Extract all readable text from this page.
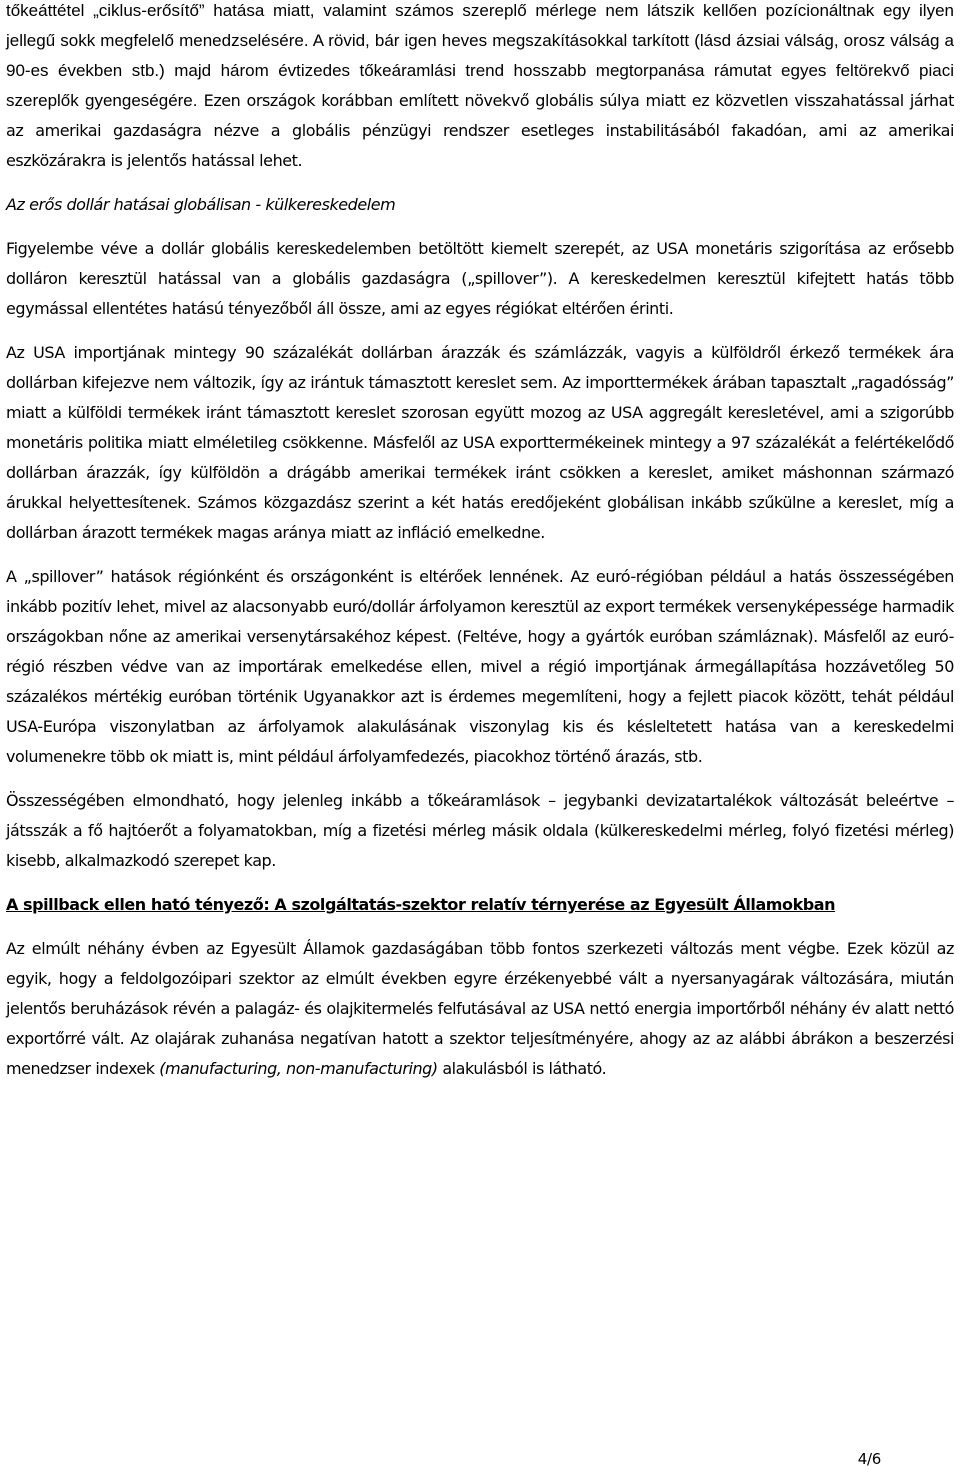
tőkeáttétel „ciklus-erősítő” hatása miatt, valamint számos szereplő mérlege nem látszik kellően pozícionáltnak egy ilyen jellegű sokk megfelelő menedzselésére. A rövid, bár igen heves megszakításokkal tarkított (lásd ázsiai válság, orosz válság a 90-es években stb.) majd három évtizedes tőkeáramlási trend hosszabb megtorpanása rámutat egyes feltörekvő piaci szereplők gyengeségére. Ezen országok korábban említett növekvő globális súlya miatt ez közvetlen visszahatással járhat az amerikai gazdaságra nézve a globális pénzügyi rendszer esetleges instabilitásából fakadóan, ami az amerikai eszközárakra is jelentős hatással lehet.

Az erős dollár hatásai globálisan - külkereskedelem

Figyelembe véve a dollár globális kereskedelemben betöltött kiemelt szerepét, az USA monetáris szigorítása az erősebb dolláron keresztül hatással van a globális gazdaságra („spillover”). A kereskedelmen keresztül kifejtett hatás több egymással ellentétes hatású tényezőből áll össze, ami az egyes régiókat eltérően érinti.

Az USA importjának mintegy 90 százalékát dollárban árazzák és számlázzák, vagyis a külföldről érkező termékek ára dollárban kifejezve nem változik, így az irántuk támasztott kereslet sem. Az importtermékek árában tapasztalt „ragadósság” miatt a külföldi termékek iránt támasztott kereslet szorosan együtt mozog az USA aggregált keresletével, ami a szigorúbb monetáris politika miatt elméletileg csökkenne. Másfelől az USA exporttermékeinek mintegy a 97 százalékát a felértékelődő dollárban árazzák, így külföldön a drágább amerikai termékek iránt csökken a kereslet, amiket máshonnan származó árukkal helyettesítenek. Számos közgazdász szerint a két hatás eredőjeként globálisan inkább szűkülne a kereslet, míg a dollárban árazott termékek magas aránya miatt az infláció emelkedne.

A „spillover” hatások régiónként és országonként is eltérőek lennének. Az euró-régióban például a hatás összességében inkább pozitív lehet, mivel az alacsonyabb euró/dollár árfolyamon keresztül az export termékek versenyképessége harmadik országokban nőne az amerikai versenytársakéhoz képest. (Feltéve, hogy a gyártók euróban számláznak). Másfelől az euró-régió részben védve van az importárak emelkedése ellen, mivel a régió importjának ármegállapítása hozzávetőleg 50 százalékos mértékig euróban történik Ugyanakkor azt is érdemes megemlíteni, hogy a fejlett piacok között, tehát például USA-Európa viszonylatban az árfolyamok alakulásának viszonylag kis és késleltetett hatása van a kereskedelmi volumenekre több ok miatt is, mint például árfolyamfedezés, piacokhoz történő árazás, stb.

Összességében elmondható, hogy jelenleg inkább a tőkeáramlások – jegybanki devizatartalékok változását beleértve – játsszák a fő hajtóerőt a folyamatokban, míg a fizetési mérleg másik oldala (külkereskedelmi mérleg, folyó fizetési mérleg) kisebb, alkalmazkodó szerepet kap.

A spillback ellen ható tényező: A szolgáltatás-szektor relatív térnyerése az Egyesült Államokban

Az elmúlt néhány évben az Egyesült Államok gazdaságában több fontos szerkezeti változás ment végbe. Ezek közül az egyik, hogy a feldolgozóipari szektor az elmúlt években egyre érzékenyebbé vált a nyersanyagárak változására, miután jelentős beruházások révén a palagáz- és olajkitermelés felfutásával az USA nettó energia importőrből néhány év alatt nettó exportőrré vált. Az olajárak zuhanása negatívan hatott a szektor teljesítményére, ahogy az az alábbi ábrákon a beszerzési menedzser indexek (manufacturing, non-manufacturing) alakulásból is látható.

4/6
